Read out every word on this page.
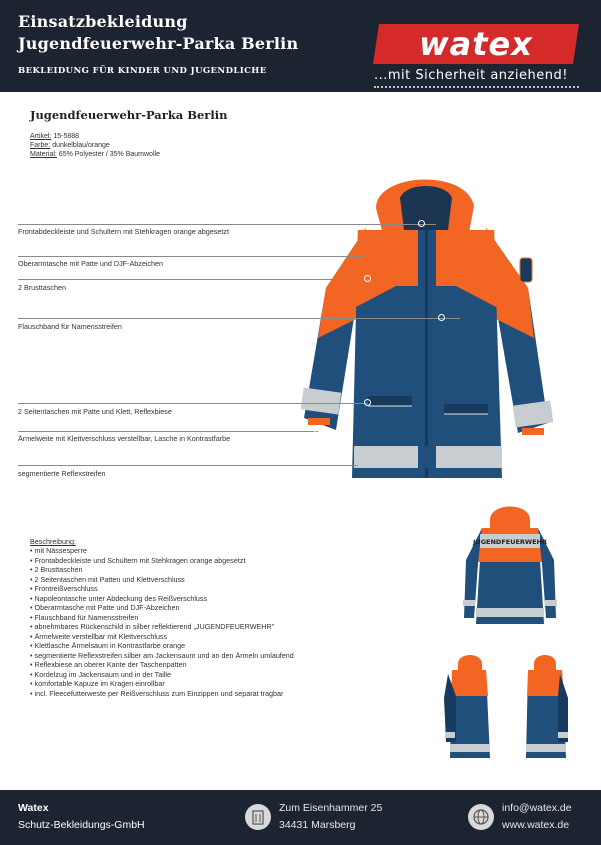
Einsatzbekleidung
Jugendfeuerwehr-Parka Berlin
BEKLEIDUNG FÜR KINDER UND JUGENDLICHE
watex
...mit Sicherheit anziehend!
Jugendfeuerwehr-Parka Berlin
Artikel: 15-5888
Farbe: dunkelblau/orange
Material: 65% Polyester / 35% Baumwolle
Frontabdeckleiste und Schultern mit Stehkragen orange abgesetzt
Oberarmtasche mit Patte und DJF-Abzeichen
2 Brusttaschen
Flauschband für Namensstreifen
2 Seitentaschen mit Patte und Klett, Reflexbiese
Ärmelweite mit Klettverschluss verstellbar, Lasche in Kontrastfarbe
segmentierte Reflexstreifen
JUGENDFEUERWEHR
Beschreibung:
• mit Nässesperre
• Frontabdeckleiste und Schultern mit Stehkragen orange abgesetzt
• 2 Brusttaschen
• 2 Seitentaschen mit Patten und Klettverschluss
• Frontreißverschluss
• Napoleontasche unter Abdeckung des Reißverschluss
• Oberarmtasche mit Patte und DJF-Abzeichen
• Flauschband für Namensstreifen
• abnehmbares Rückenschild in silber reflektierend „JUGENDFEUERWEHR"
• Ärmelweite verstellbar mit Klettverschluss
• Klettlasche Ärmelsaum in Kontrastfarbe orange
• segmentierte Reflexstreifen silber am Jackensaum und an den Ärmeln umlaufend
• Reflexbiese an oberer Kante der Taschenpatten
• Kordelzug im Jackensaum und in der Taille
• komfortable Kapuze im Kragen einrollbar
• incl. Fleecefutterweste per Reißverschluss zum Einzippen und separat tragbar
Watex
Schutz-Bekleidungs-GmbH
Zum Eisenhammer 25
34431 Marsberg
info@watex.de
www.watex.de
